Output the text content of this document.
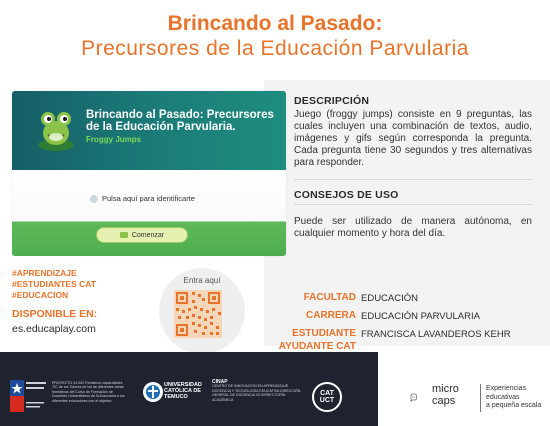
Brincando al Pasado:
Precursores de la Educación Parvularia
Brincando al Pasado: Precursores de la Educación Parvularia.
Froggy Jumps
Pulsa aquí para identificarte
Comenzar
DESCRIPCIÓN
Juego (froggy jumps) consiste en 9 preguntas, las cuales incluyen una combinación de textos, audio, imágenes y gifs según corresponda la pregunta. Cada pregunta tiene 30 segundos y tres alternativas para responder.
CONSEJOS DE USO
Puede ser utilizado de manera autónoma, en cualquier momento y hora del día.
#APRENDIZAJE
#ESTUDIANTES CAT
#EDUCACION
DISPONIBLE EN:
es.educaplay.com
Entra aquí
FACULTAD EDUCACIÓN
CARRERA EDUCACIÓN PARVULARIA
ESTUDIANTE FRANCISCA LAVANDEROS KEHR
AYUDANTE CAT
PROYECTO 24.002 Fortalecer capacidades TIC de los Tutores de los de diferentes áreas formativas del Curso de Formación de Docentes Universitarios de la Araucanía a los diferentes educadores con el objetivo
UNIVERSIDAD
CATÓLICA DE
TEMUCO
CINAP
CENTRO DE INNOVACIÓN EN APRENDIZAJE DOCENCIA Y TECNOLOGÍA EDUCATIVA DIRECCIÓN GENERAL DE DOCENCIA VICERRECTORÍA ACADÉMICA
CAT
UCT
micro
caps
Experiencias
educativas
a pequeña escala
